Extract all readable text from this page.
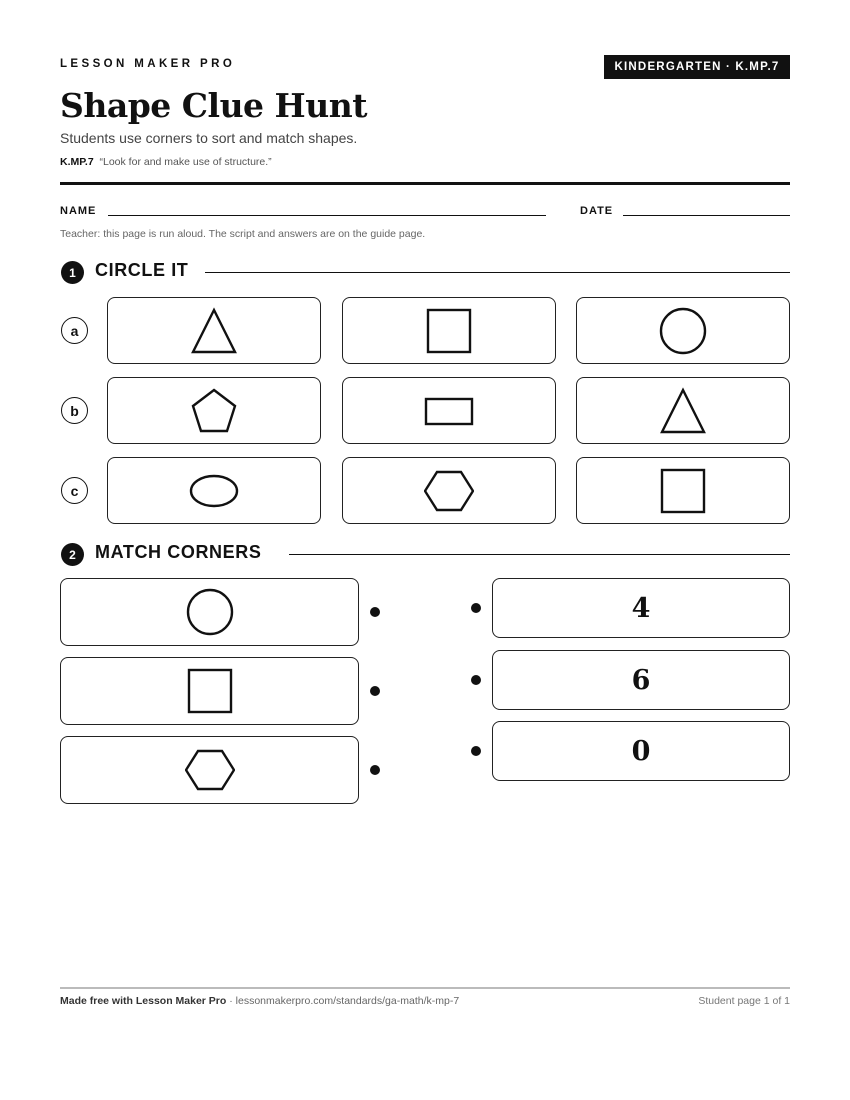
LESSON MAKER PRO	KINDERGARTEN · K.MP.7
Shape Clue Hunt
Students use corners to sort and match shapes.
K.MP.7 “Look for and make use of structure.”
NAME	DATE
Teacher: this page is run aloud. The script and answers are on the guide page.
1	CIRCLE IT
a
b
c
2	MATCH CORNERS
4
6
0
Made free with Lesson Maker Pro · lessonmakerpro.com/standards/ga-math/k-mp-7	Student page 1 of 1
